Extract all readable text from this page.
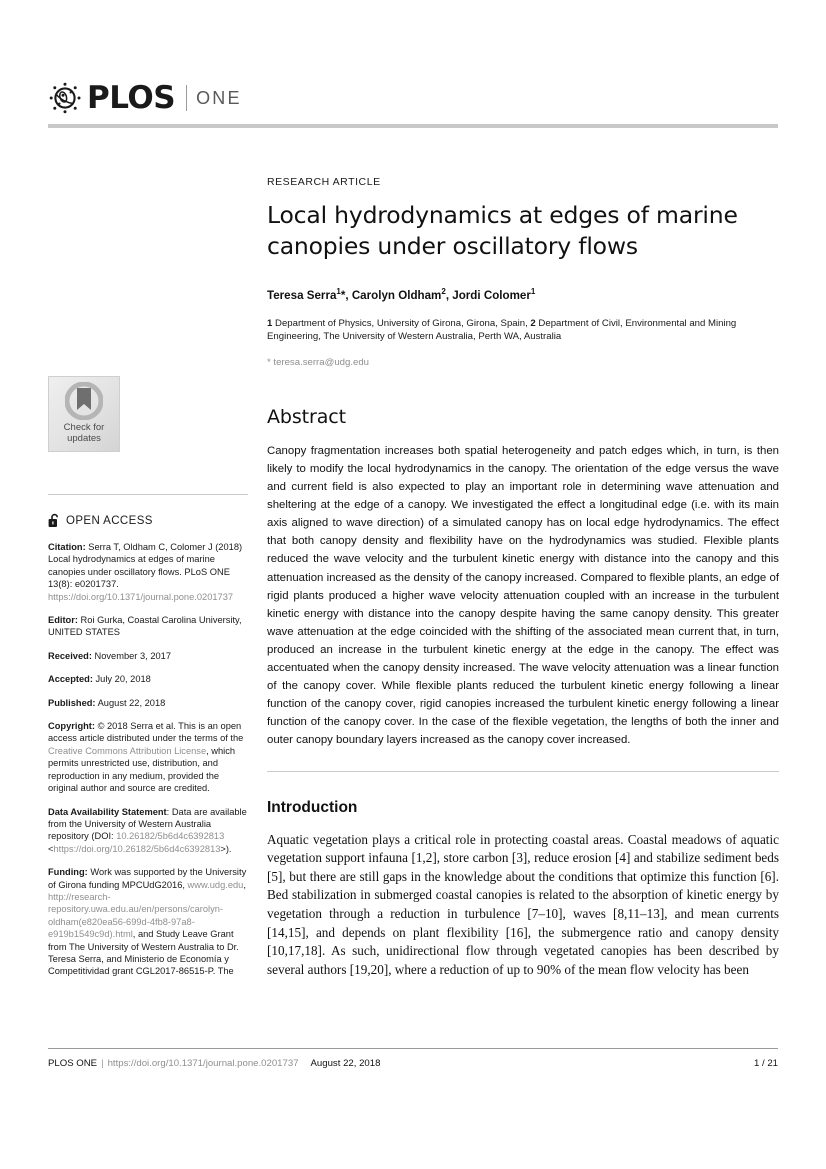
PLOS ONE
Check for
updates
OPEN ACCESS
Citation: Serra T, Oldham C, Colomer J (2018) Local hydrodynamics at edges of marine canopies under oscillatory flows. PLoS ONE 13(8): e0201737. https://doi.org/10.1371/journal.pone.0201737
Editor: Roi Gurka, Coastal Carolina University, UNITED STATES
Received: November 3, 2017
Accepted: July 20, 2018
Published: August 22, 2018
Copyright: © 2018 Serra et al. This is an open access article distributed under the terms of the Creative Commons Attribution License, which permits unrestricted use, distribution, and reproduction in any medium, provided the original author and source are credited.
Data Availability Statement: Data are available from the University of Western Australia repository (DOI: 10.26182/5b6d4c6392813 <https://doi.org/10.26182/5b6d4c6392813>).
Funding: Work was supported by the University of Girona funding MPCUdG2016, www.udg.edu, http://research-repository.uwa.edu.au/en/persons/carolyn-oldham(e820ea56-699d-4fb8-97a8-e919b1549c9d).html, and Study Leave Grant from The University of Western Australia to Dr. Teresa Serra, and Ministerio de Economía y Competitividad grant CGL2017-86515-P. The
RESEARCH ARTICLE
Local hydrodynamics at edges of marine canopies under oscillatory flows
Teresa Serra$^1$*, Carolyn Oldham$^2$, Jordi Colomer$^1$
1 Department of Physics, University of Girona, Girona, Spain, 2 Department of Civil, Environmental and Mining Engineering, The University of Western Australia, Perth WA, Australia
* teresa.serra@udg.edu
Abstract

Canopy fragmentation increases both spatial heterogeneity and patch edges which, in turn, is then likely to modify the local hydrodynamics in the canopy. The orientation of the edge versus the wave and current field is also expected to play an important role in determining wave attenuation and sheltering at the edge of a canopy. We investigated the effect a longitudinal edge (i.e. with its main axis aligned to wave direction) of a simulated canopy has on local edge hydrodynamics. The effect that both canopy density and flexibility have on the hydrodynamics was studied. Flexible plants reduced the wave velocity and the turbulent kinetic energy with distance into the canopy and this attenuation increased as the density of the canopy increased. Compared to flexible plants, an edge of rigid plants produced a higher wave velocity attenuation coupled with an increase in the turbulent kinetic energy with distance into the canopy despite having the same canopy density. This greater wave attenuation at the edge coincided with the shifting of the associated mean current that, in turn, produced an increase in the turbulent kinetic energy at the edge in the canopy. The effect was accentuated when the canopy density increased. The wave velocity attenuation was a linear function of the canopy cover. While flexible plants reduced the turbulent kinetic energy following a linear function of the canopy cover, rigid canopies increased the turbulent kinetic energy following a linear function of the canopy cover. In the case of the flexible vegetation, the lengths of both the inner and outer canopy boundary layers increased as the canopy cover increased.

Introduction

Aquatic vegetation plays a critical role in protecting coastal areas. Coastal meadows of aquatic vegetation support infauna [1,2], store carbon [3], reduce erosion [4] and stabilize sediment beds [5], but there are still gaps in the knowledge about the conditions that optimize this function [6]. Bed stabilization in submerged coastal canopies is related to the absorption of kinetic energy by vegetation through a reduction in turbulence [7–10], waves [8,11–13], and mean currents [14,15], and depends on plant flexibility [16], the submergence ratio and canopy density [10,17,18]. As such, unidirectional flow through vegetated canopies has been described by several authors [19,20], where a reduction of up to 90% of the mean flow velocity has been

PLOS ONE | https://doi.org/10.1371/journal.pone.0201737 August 22, 2018	1 / 21
